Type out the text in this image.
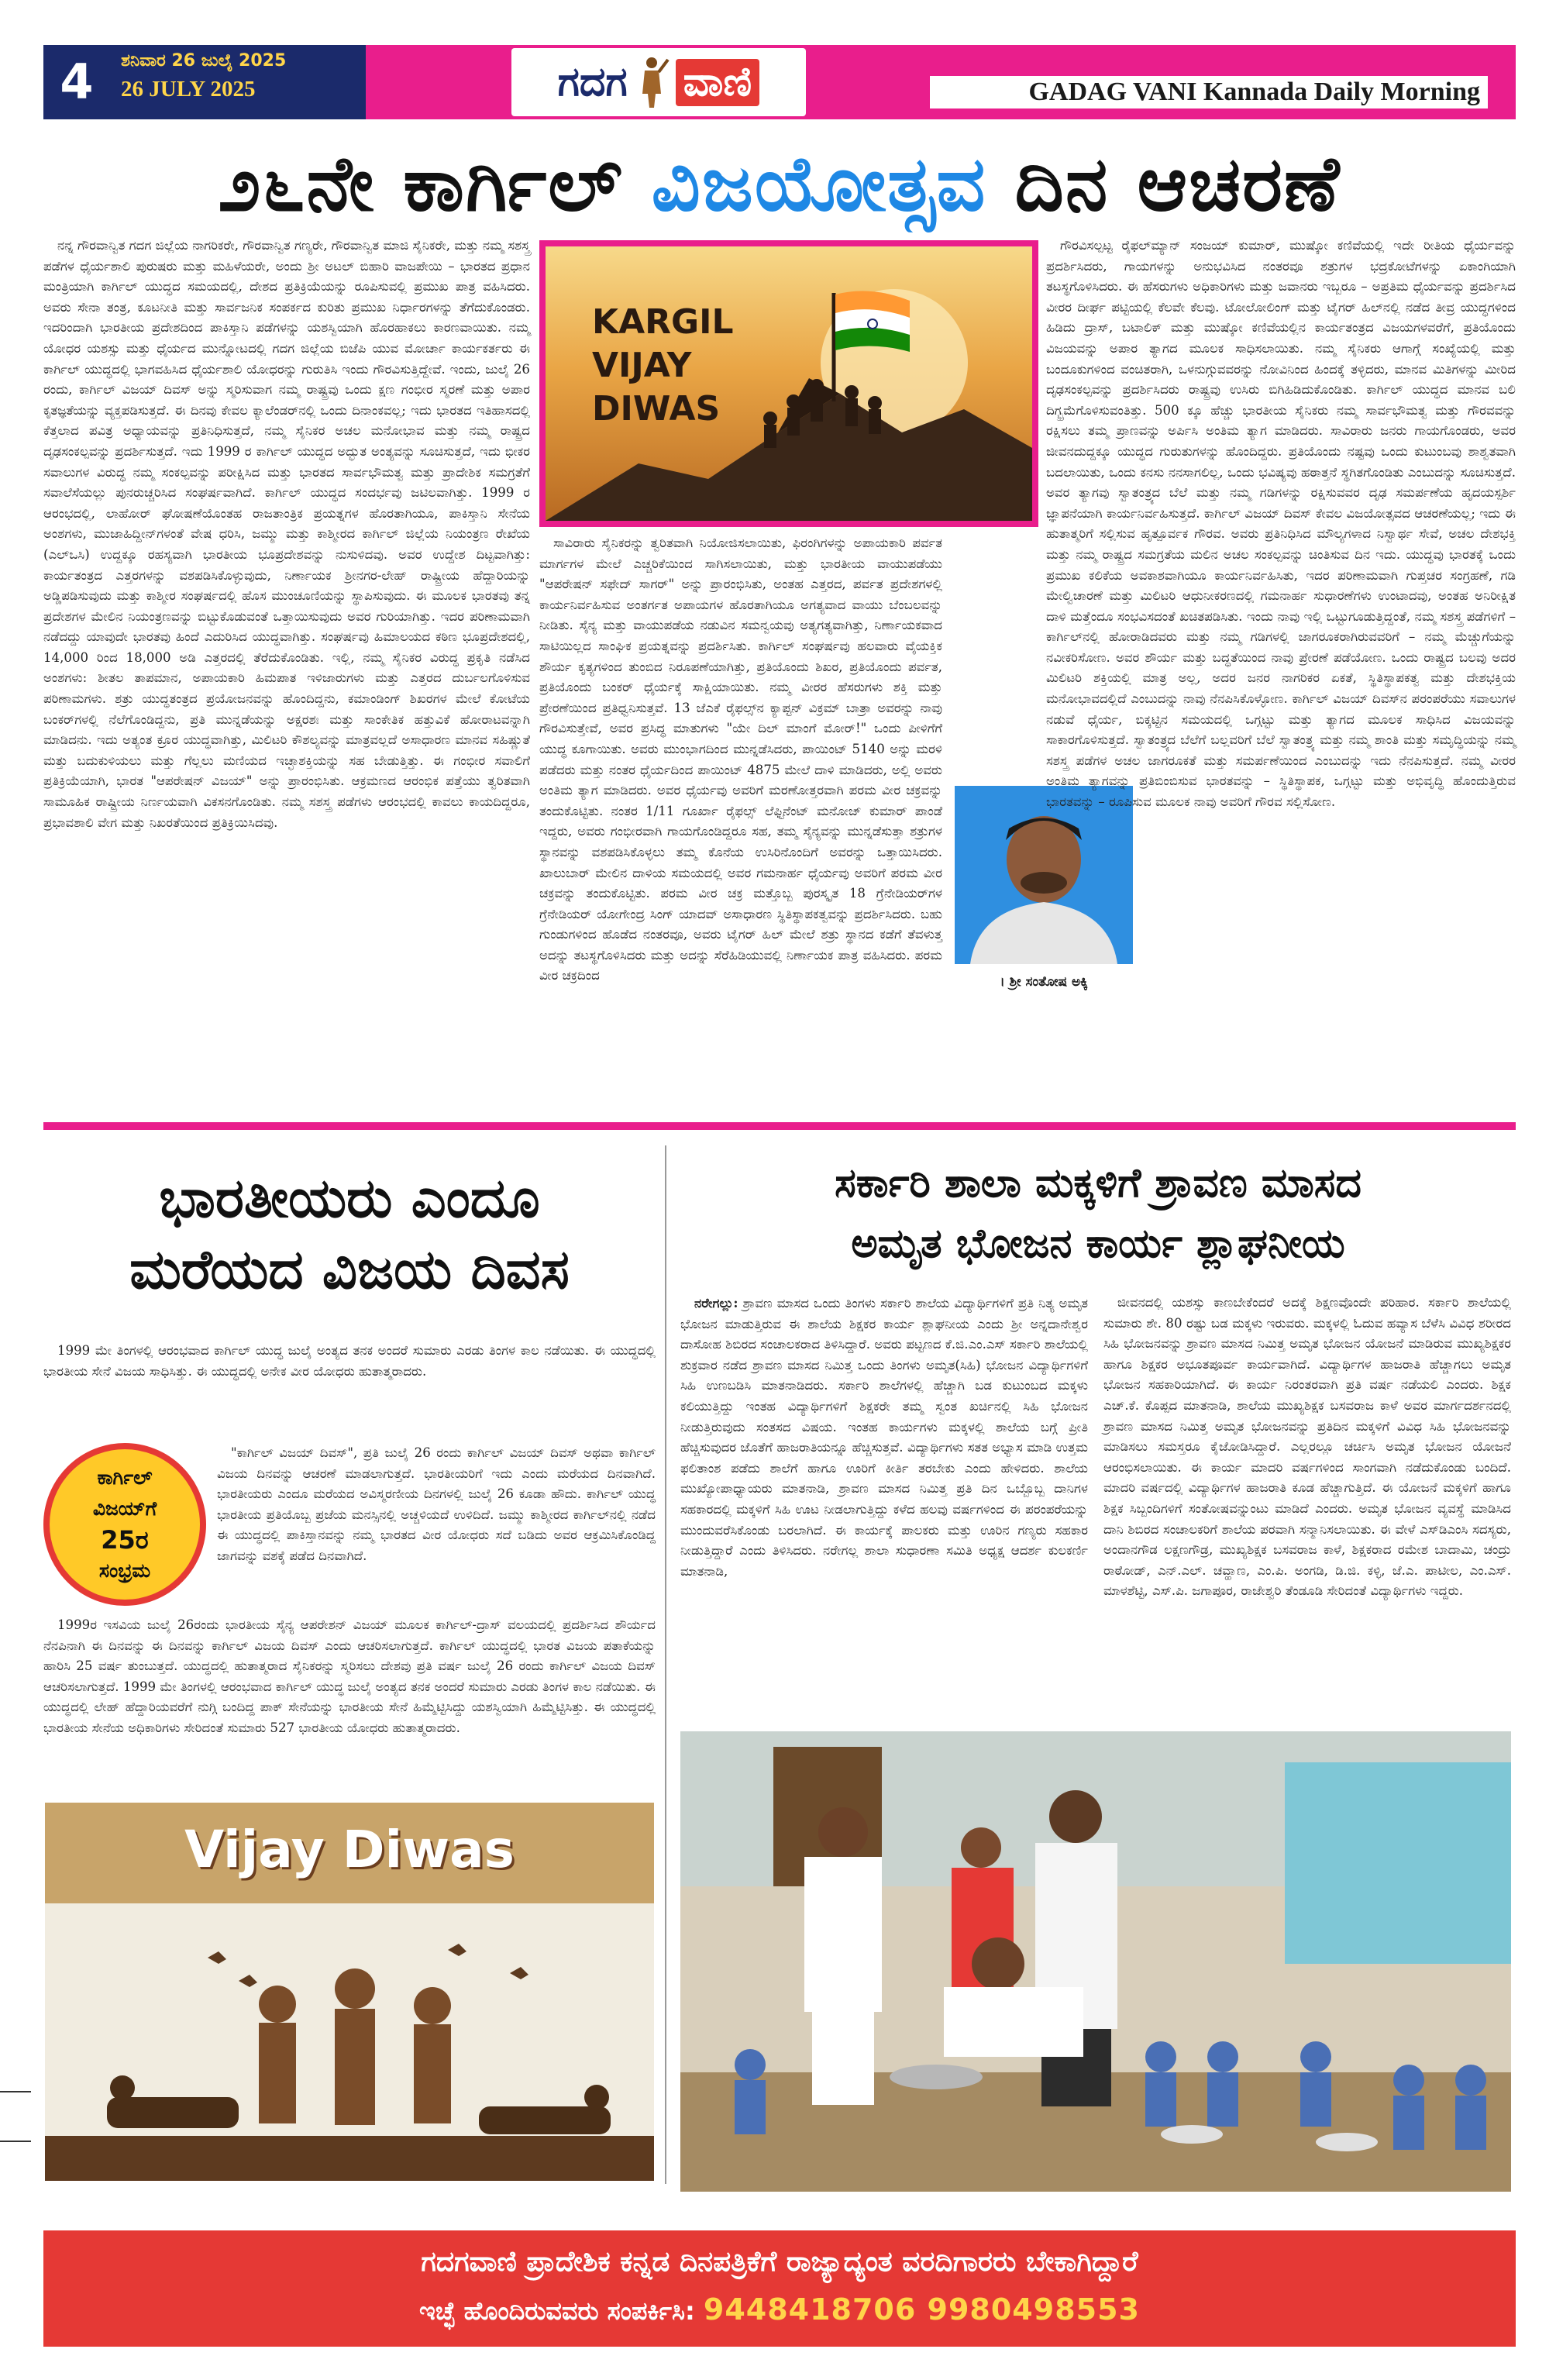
4	ಶನಿವಾರ 26 ಜುಲೈ 2025
26 JULY 2025	ಗದಗ ವಾಣಿ	GADAG VANI Kannada Daily Morning
೨೬ನೇ ಕಾರ್ಗಿಲ್ ವಿಜಯೋತ್ಸವ ದಿನ ಆಚರಣೆ

ನನ್ನ ಗೌರವಾನ್ವಿತ ಗದಗ ಜಿಲ್ಲೆಯ ನಾಗರಿಕರೇ, ಗೌರವಾನ್ವಿತ ಗಣ್ಯರೇ, ಗೌರವಾನ್ವಿತ ಮಾಜಿ ಸೈನಿಕರೇ, ಮತ್ತು ನಮ್ಮ ಸಶಸ್ತ್ರ ಪಡೆಗಳ ಧೈರ್ಯಶಾಲಿ ಪುರುಷರು ಮತ್ತು ಮಹಿಳೆಯರೇ, ಅಂದು ಶ್ರೀ ಅಟಲ್ ಬಿಹಾರಿ ವಾಜಪೇಯಿ – ಭಾರತದ ಪ್ರಧಾನ ಮಂತ್ರಿಯಾಗಿ ಕಾರ್ಗಿಲ್ ಯುದ್ಧದ ಸಮಯದಲ್ಲಿ, ದೇಶದ ಪ್ರತಿಕ್ರಿಯೆಯನ್ನು ರೂಪಿಸುವಲ್ಲಿ ಪ್ರಮುಖ ಪಾತ್ರ ವಹಿಸಿದರು. ಅವರು ಸೇನಾ ತಂತ್ರ, ಕೂಟನೀತಿ ಮತ್ತು ಸಾರ್ವಜನಿಕ ಸಂಪರ್ಕದ ಕುರಿತು ಪ್ರಮುಖ ನಿರ್ಧಾರಗಳನ್ನು ತೆಗೆದುಕೊಂಡರು. ಇದರಿಂದಾಗಿ ಭಾರತೀಯ ಪ್ರದೇಶದಿಂದ ಪಾಕಿಸ್ತಾನಿ ಪಡೆಗಳನ್ನು ಯಶಸ್ವಿಯಾಗಿ ಹೊರಹಾಕಲು ಕಾರಣವಾಯಿತು. ನಮ್ಮ ಯೋಧರ ಯಶಸ್ಸು ಮತ್ತು ಧೈರ್ಯದ ಮುನ್ನೋಟದಲ್ಲಿ ಗದಗ ಜಿಲ್ಲೆಯ ಬಿಜೆಪಿ ಯುವ ಮೋರ್ಚಾ ಕಾರ್ಯಕರ್ತರು ಈ ಕಾರ್ಗಿಲ್ ಯುದ್ಧದಲ್ಲಿ ಭಾಗವಹಿಸಿದ ಧೈರ್ಯಶಾಲಿ ಯೋಧರನ್ನು ಗುರುತಿಸಿ ಇಂದು ಗೌರವಿಸುತ್ತಿದ್ದೇವೆ. ಇಂದು, ಜುಲೈ 26 ರಂದು, ಕಾರ್ಗಿಲ್ ವಿಜಯ್ ದಿವಸ್ ಅನ್ನು ಸ್ಮರಿಸುವಾಗ ನಮ್ಮ ರಾಷ್ಟ್ರವು ಒಂದು ಕ್ಷಣ ಗಂಭೀರ ಸ್ಮರಣೆ ಮತ್ತು ಅಪಾರ ಕೃತಜ್ಞತೆಯನ್ನು ವ್ಯಕ್ತಪಡಿಸುತ್ತದೆ. ಈ ದಿನವು ಕೇವಲ ಕ್ಯಾಲೆಂಡರ್‌ನಲ್ಲಿ ಒಂದು ದಿನಾಂಕವಲ್ಲ; ಇದು ಭಾರತದ ಇತಿಹಾಸದಲ್ಲಿ ಕೆತ್ತಲಾದ ಪವಿತ್ರ ಅಧ್ಯಾಯವನ್ನು ಪ್ರತಿನಿಧಿಸುತ್ತದೆ, ನಮ್ಮ ಸೈನಿಕರ ಅಚಲ ಮನೋಭಾವ ಮತ್ತು ನಮ್ಮ ರಾಷ್ಟ್ರದ ದೃಢಸಂಕಲ್ಪವನ್ನು ಪ್ರದರ್ಶಿಸುತ್ತದೆ. ಇದು 1999 ರ ಕಾರ್ಗಿಲ್ ಯುದ್ಧದ ಅದ್ಭುತ ಅಂತ್ಯವನ್ನು ಸೂಚಿಸುತ್ತದೆ, ಇದು ಭೀಕರ ಸವಾಲುಗಳ ವಿರುದ್ಧ ನಮ್ಮ ಸಂಕಲ್ಪವನ್ನು ಪರೀಕ್ಷಿಸಿದ ಮತ್ತು ಭಾರತದ ಸಾರ್ವಭೌಮತ್ವ ಮತ್ತು ಪ್ರಾದೇಶಿಕ ಸಮಗ್ರತೆಗೆ ಸವಾಲೆಸೆಯಲ್ಲು ಪುನರುಚ್ಚರಿಸಿದ ಸಂಘರ್ಷವಾಗಿದೆ. ಕಾರ್ಗಿಲ್ ಯುದ್ಧದ ಸಂದರ್ಭವು ಜಟಿಲವಾಗಿತ್ತು. 1999 ರ ಆರಂಭದಲ್ಲಿ, ಲಾಹೋರ್ ಘೋಷಣೆಯೊಂತಹ ರಾಜತಾಂತ್ರಿಕ ಪ್ರಯತ್ನಗಳ ಹೊರತಾಗಿಯೂ, ಪಾಕಿಸ್ತಾನಿ ಸೇನೆಯ ಅಂಶಗಳು, ಮುಜಾಹಿದ್ದೀನ್‌ಗಳಂತೆ ವೇಷ ಧರಿಸಿ, ಜಮ್ಮು ಮತ್ತು ಕಾಶ್ಮೀರದ ಕಾರ್ಗಿಲ್ ಜಿಲ್ಲೆಯ ನಿಯಂತ್ರಣ ರೇಖೆಯ (ಎಲ್‌ಒಸಿ) ಉದ್ದಕ್ಕೂ ರಹಸ್ಯವಾಗಿ ಭಾರತೀಯ ಭೂಪ್ರದೇಶವನ್ನು ನುಸುಳಿದವು. ಅವರ ಉದ್ದೇಶ ದಿಟ್ಟವಾಗಿತ್ತು: ಕಾರ್ಯತಂತ್ರದ ಎತ್ತರಗಳನ್ನು ವಶಪಡಿಸಿಕೊಳ್ಳುವುದು, ನಿರ್ಣಾಯಕ ಶ್ರೀನಗರ-ಲೇಹ್ ರಾಷ್ಟ್ರೀಯ ಹೆದ್ದಾರಿಯನ್ನು ಅಡ್ಡಿಪಡಿಸುವುದು ಮತ್ತು ಕಾಶ್ಮೀರ ಸಂಘರ್ಷದಲ್ಲಿ ಹೊಸ ಮುಂಚೂಣಿಯನ್ನು ಸ್ಥಾಪಿಸುವುದು. ಈ ಮೂಲಕ ಭಾರತವು ತನ್ನ ಪ್ರದೇಶಗಳ ಮೇಲಿನ ನಿಯಂತ್ರಣವನ್ನು ಬಿಟ್ಟುಕೊಡುವಂತೆ ಒತ್ತಾಯಿಸುವುದು ಅವರ ಗುರಿಯಾಗಿತ್ತು. ಇದರ ಪರಿಣಾಮವಾಗಿ ನಡೆದದ್ದು ಯಾವುದೇ ಭಾರತವು ಹಿಂದೆ ಎದುರಿಸಿದ ಯುದ್ಧವಾಗಿತ್ತು. ಸಂಘರ್ಷವು ಹಿಮಾಲಯದ ಕಠಿಣ ಭೂಪ್ರದೇಶದಲ್ಲಿ, 14,000 ರಿಂದ 18,000 ಅಡಿ ಎತ್ತರದಲ್ಲಿ ತೆರೆದುಕೊಂಡಿತು. ಇಲ್ಲಿ, ನಮ್ಮ ಸೈನಿಕರ ವಿರುದ್ಧ ಪ್ರಕೃತಿ ನಡೆಸಿದ ಅಂಶಗಳು: ಶೀತಲ ತಾಪಮಾನ, ಅಪಾಯಕಾರಿ ಹಿಮಪಾತ ಇಳಿಜಾರುಗಳು ಮತ್ತು ಎತ್ತರದ ದುರ್ಬಲಗೊಳಿಸುವ ಪರಿಣಾಮಗಳು. ಶತ್ರು ಯುದ್ಧತಂತ್ರದ ಪ್ರಯೋಜನವನ್ನು ಹೊಂದಿದ್ದನು, ಕಮಾಂಡಿಂಗ್ ಶಿಖರಗಳ ಮೇಲೆ ಕೋಟೆಯ ಬಂಕರ್‌ಗಳಲ್ಲಿ ನೆಲೆಗೊಂಡಿದ್ದನು, ಪ್ರತಿ ಮುನ್ನಡೆಯನ್ನು ಅಕ್ಷರಶಃ ಮತ್ತು ಸಾಂಕೇತಿಕ ಹತ್ತುವಿಕೆ ಹೋರಾಟವನ್ನಾಗಿ ಮಾಡಿದನು. ಇದು ಅತ್ಯಂತ ಕ್ರೂರ ಯುದ್ಧವಾಗಿತ್ತು, ಮಿಲಿಟರಿ ಕೌಶಲ್ಯವನ್ನು ಮಾತ್ರವಲ್ಲದೆ ಅಸಾಧಾರಣ ಮಾನವ ಸಹಿಷ್ಣುತೆ ಮತ್ತು ಬದುಕುಳಿಯಲು ಮತ್ತು ಗೆಲ್ಲಲು ಮಣಿಯದ ಇಚ್ಛಾಶಕ್ತಿಯನ್ನು ಸಹ ಬೇಡುತ್ತಿತ್ತು. ಈ ಗಂಭೀರ ಸವಾಲಿಗೆ ಪ್ರತಿಕ್ರಿಯೆಯಾಗಿ, ಭಾರತ "ಆಪರೇಷನ್ ವಿಜಯ್" ಅನ್ನು ಪ್ರಾರಂಭಿಸಿತು. ಆಕ್ರಮಣದ ಆರಂಭಿಕ ಪತ್ತೆಯು ತ್ವರಿತವಾಗಿ ಸಾಮೂಹಿಕ ರಾಷ್ಟ್ರೀಯ ನಿರ್ಣಯವಾಗಿ ವಿಕಸನಗೊಂಡಿತು. ನಮ್ಮ ಸಶಸ್ತ್ರ ಪಡೆಗಳು ಆರಂಭದಲ್ಲಿ ಕಾವಲು ಕಾಯದಿದ್ದರೂ, ಪ್ರಭಾವಶಾಲಿ ವೇಗ ಮತ್ತು ನಿಖರತೆಯಿಂದ ಪ್ರತಿಕ್ರಿಯಿಸಿದವು.

KARGIL
VIJAY
DIWAS

ಸಾವಿರಾರು ಸೈನಿಕರನ್ನು ತ್ವರಿತವಾಗಿ ನಿಯೋಜಿಸಲಾಯಿತು, ಫಿರಂಗಿಗಳನ್ನು ಅಪಾಯಕಾರಿ ಪರ್ವತ ಮಾರ್ಗಗಳ ಮೇಲೆ ಎಚ್ಚರಿಕೆಯಿಂದ ಸಾಗಿಸಲಾಯಿತು, ಮತ್ತು ಭಾರತೀಯ ವಾಯುಪಡೆಯು "ಆಪರೇಷನ್ ಸಫೇದ್ ಸಾಗರ್" ಅನ್ನು ಪ್ರಾರಂಭಿಸಿತು, ಅಂತಹ ಎತ್ತರದ, ಪರ್ವತ ಪ್ರದೇಶಗಳಲ್ಲಿ ಕಾರ್ಯನಿರ್ವಹಿಸುವ ಅಂತರ್ಗತ ಅಪಾಯಗಳ ಹೊರತಾಗಿಯೂ ಅಗತ್ಯವಾದ ವಾಯು ಬೆಂಬಲವನ್ನು ನೀಡಿತು. ಸೈನ್ಯ ಮತ್ತು ವಾಯುಪಡೆಯ ನಡುವಿನ ಸಮನ್ವಯವು ಅತ್ಯಗತ್ಯವಾಗಿತ್ತು, ನಿರ್ಣಾಯಕವಾದ ಸಾಟಿಯಿಲ್ಲದ ಸಾಂಘಿಕ ಪ್ರಯತ್ನವನ್ನು ಪ್ರದರ್ಶಿಸಿತು. ಕಾರ್ಗಿಲ್ ಸಂಘರ್ಷವು ಹಲವಾರು ವೈಯಕ್ತಿಕ ಶೌರ್ಯ ಕೃತ್ಯಗಳಿಂದ ತುಂಬಿದ ನಿರೂಪಣೆಯಾಗಿತ್ತು, ಪ್ರತಿಯೊಂದು ಶಿಖರ, ಪ್ರತಿಯೊಂದು ಪರ್ವತ, ಪ್ರತಿಯೊಂದು ಬಂಕರ್ ಧೈರ್ಯಕ್ಕೆ ಸಾಕ್ಷಿಯಾಯಿತು. ನಮ್ಮ ವೀರರ ಹೆಸರುಗಳು ಶಕ್ತಿ ಮತ್ತು ಪ್ರೇರಣೆಯಿಂದ ಪ್ರತಿಧ್ವನಿಸುತ್ತವೆ. 13 ಜೆಎಕೆ ರೈಫಲ್ಸ್‌ನ ಕ್ಯಾಪ್ಟನ್ ವಿಕ್ರಮ್ ಬಾತ್ರಾ ಅವರನ್ನು ನಾವು ಗೌರವಿಸುತ್ತೇವೆ, ಅವರ ಪ್ರಸಿದ್ಧ ಮಾತುಗಳು "ಯೇ ದಿಲ್ ಮಾಂಗೆ ಮೋರ್!" ಒಂದು ಪೀಳಿಗೆಗೆ ಯುದ್ಧ ಕೂಗಾಯಿತು. ಅವರು ಮುಂಭಾಗದಿಂದ ಮುನ್ನಡೆಸಿದರು, ಪಾಯಿಂಟ್ 5140 ಅನ್ನು ಮರಳಿ ಪಡೆದರು ಮತ್ತು ನಂತರ ಧೈರ್ಯದಿಂದ ಪಾಯಿಂಟ್ 4875 ಮೇಲೆ ದಾಳಿ ಮಾಡಿದರು, ಅಲ್ಲಿ ಅವರು ಅಂತಿಮ ತ್ಯಾಗ ಮಾಡಿದರು. ಅವರ ಧೈರ್ಯವು ಅವರಿಗೆ ಮರಣೋತ್ತರವಾಗಿ ಪರಮ ವೀರ ಚಕ್ರವನ್ನು ತಂದುಕೊಟ್ಟಿತು. ನಂತರ 1/11 ಗೂರ್ಖಾ ರೈಫಲ್ಸ್ ಲೆಫ್ಟಿನೆಂಟ್ ಮನೋಜ್ ಕುಮಾರ್ ಪಾಂಡೆ ಇದ್ದರು, ಅವರು ಗಂಭೀರವಾಗಿ ಗಾಯಗೊಂಡಿದ್ದರೂ ಸಹ, ತಮ್ಮ ಸೈನ್ಯವನ್ನು ಮುನ್ನಡೆಸುತ್ತಾ ಶತ್ರುಗಳ ಸ್ಥಾನವನ್ನು ವಶಪಡಿಸಿಕೊಳ್ಳಲು ತಮ್ಮ ಕೊನೆಯ ಉಸಿರಿನೊಂದಿಗೆ ಅವರನ್ನು ಒತ್ತಾಯಿಸಿದರು. ಖಾಲುಬಾರ್ ಮೇಲಿನ ದಾಳಿಯ ಸಮಯದಲ್ಲಿ ಅವರ ಗಮನಾರ್ಹ ಧೈರ್ಯವು ಅವರಿಗೆ ಪರಮ ವೀರ ಚಕ್ರವನ್ನು ತಂದುಕೊಟ್ಟಿತು. ಪರಮ ವೀರ ಚಕ್ರ ಮತ್ತೊಬ್ಬ ಪುರಸ್ಕೃತ 18 ಗ್ರೆನೇಡಿಯರ್‌ಗಳ ಗ್ರೆನೇಡಿಯರ್ ಯೋಗೇಂದ್ರ ಸಿಂಗ್ ಯಾದವ್ ಅಸಾಧಾರಣ ಸ್ಥಿತಿಸ್ಥಾಪಕತ್ವವನ್ನು ಪ್ರದರ್ಶಿಸಿದರು. ಬಹು ಗುಂಡುಗಳಿಂದ ಹೊಡೆದ ನಂತರವೂ, ಅವರು ಟೈಗರ್ ಹಿಲ್ ಮೇಲೆ ಶತ್ರು ಸ್ಥಾನದ ಕಡೆಗೆ ತೆವಳುತ್ತ ಅದನ್ನು ತಟಸ್ಥಗೊಳಿಸಿದರು ಮತ್ತು ಅದನ್ನು ಸೆರೆಹಿಡಿಯುವಲ್ಲಿ ನಿರ್ಣಾಯಕ ಪಾತ್ರ ವಹಿಸಿದರು. ಪರಮ ವೀರ ಚಕ್ರದಿಂದ	। ಶ್ರೀ ಸಂತೋಷ ಅಕ್ಕಿ

ಗೌರವಿಸಲ್ಪಟ್ಟ ರೈಫಲ್‌ಮ್ಯಾನ್ ಸಂಜಯ್ ಕುಮಾರ್, ಮುಷ್ಕೋ ಕಣಿವೆಯಲ್ಲಿ ಇದೇ ರೀತಿಯ ಧೈರ್ಯವನ್ನು ಪ್ರದರ್ಶಿಸಿದರು, ಗಾಯಗಳನ್ನು ಅನುಭವಿಸಿದ ನಂತರವೂ ಶತ್ರುಗಳ ಭದ್ರಕೋಟೆಗಳನ್ನು ಏಕಾಂಗಿಯಾಗಿ ತಟಸ್ಥಗೊಳಿಸಿದರು. ಈ ಹೆಸರುಗಳು ಅಧಿಕಾರಿಗಳು ಮತ್ತು ಜವಾನರು ಇಬ್ಬರೂ – ಅಪ್ರತಿಮ ಧೈರ್ಯವನ್ನು ಪ್ರದರ್ಶಿಸಿದ ವೀರರ ದೀರ್ಘ ಪಟ್ಟಿಯಲ್ಲಿ ಕೆಲವೇ ಕೆಲವು. ಟೋಲೋಲಿಂಗ್ ಮತ್ತು ಟೈಗರ್ ಹಿಲ್‌ನಲ್ಲಿ ನಡೆದ ತೀವ್ರ ಯುದ್ಧಗಳಿಂದ ಹಿಡಿದು ದ್ರಾಸ್, ಬಟಾಲಿಕ್ ಮತ್ತು ಮುಷ್ಕೋ ಕಣಿವೆಯಲ್ಲಿನ ಕಾರ್ಯತಂತ್ರದ ವಿಜಯಗಳವರೆಗೆ, ಪ್ರತಿಯೊಂದು ವಿಜಯವನ್ನು ಅಪಾರ ತ್ಯಾಗದ ಮೂಲಕ ಸಾಧಿಸಲಾಯಿತು. ನಮ್ಮ ಸೈನಿಕರು ಆಗಾಗ್ಗೆ ಸಂಖ್ಯೆಯಲ್ಲಿ ಮತ್ತು ಬಂದೂಕುಗಳಿಂದ ವಂಚಿತರಾಗಿ, ಒಳನುಗ್ಗುವವರನ್ನು ನೋವಿನಿಂದ ಹಿಂದಕ್ಕೆ ತಳ್ಳಿದರು, ಮಾನವ ಮಿತಿಗಳನ್ನು ಮೀರಿದ ದೃಢಸಂಕಲ್ಪವನ್ನು ಪ್ರದರ್ಶಿಸಿದರು ರಾಷ್ಟ್ರವು ಉಸಿರು ಬಿಗಿಹಿಡಿದುಕೊಂಡಿತು. ಕಾರ್ಗಿಲ್ ಯುದ್ಧದ ಮಾನವ ಬಲಿ ದಿಗ್ಭ್ರಮೆಗೊಳಿಸುವಂತಿತ್ತು. 500 ಕ್ಕೂ ಹೆಚ್ಚು ಭಾರತೀಯ ಸೈನಿಕರು ನಮ್ಮ ಸಾರ್ವಭೌಮತ್ವ ಮತ್ತು ಗೌರವವನ್ನು ರಕ್ಷಿಸಲು ತಮ್ಮ ಪ್ರಾಣವನ್ನು ಅರ್ಪಿಸಿ ಅಂತಿಮ ತ್ಯಾಗ ಮಾಡಿದರು. ಸಾವಿರಾರು ಜನರು ಗಾಯಗೊಂಡರು, ಅವರ ಜೀವನದುದ್ದಕ್ಕೂ ಯುದ್ಧದ ಗುರುತುಗಳನ್ನು ಹೊಂದಿದ್ದರು. ಪ್ರತಿಯೊಂದು ನಷ್ಟವು ಒಂದು ಕುಟುಂಬವು ಶಾಶ್ವತವಾಗಿ ಬದಲಾಯಿತು, ಒಂದು ಕನಸು ನನಸಾಗಲಿಲ್ಲ, ಒಂದು ಭವಿಷ್ಯವು ಹಠಾತ್ತನೆ ಸ್ಥಗಿತಗೊಂಡಿತು ಎಂಬುದನ್ನು ಸೂಚಿಸುತ್ತದೆ. ಅವರ ತ್ಯಾಗವು ಸ್ವಾತಂತ್ರ್ಯದ ಬೆಲೆ ಮತ್ತು ನಮ್ಮ ಗಡಿಗಳನ್ನು ರಕ್ಷಿಸುವವರ ದೃಢ ಸಮರ್ಪಣೆಯ ಹೃದಯಸ್ಪರ್ಶಿ ಜ್ಞಾಪನೆಯಾಗಿ ಕಾರ್ಯನಿರ್ವಹಿಸುತ್ತದೆ. ಕಾರ್ಗಿಲ್ ವಿಜಯ್ ದಿವಸ್ ಕೇವಲ ವಿಜಯೋತ್ಸವದ ಆಚರಣೆಯಲ್ಲ; ಇದು ಈ ಹುತಾತ್ಮರಿಗೆ ಸಲ್ಲಿಸುವ ಹೃತ್ಪೂರ್ವಕ ಗೌರವ. ಅವರು ಪ್ರತಿನಿಧಿಸಿದ ಮೌಲ್ಯಗಳಾದ ನಿಸ್ವಾರ್ಥ ಸೇವೆ, ಅಚಲ ದೇಶಭಕ್ತಿ ಮತ್ತು ನಮ್ಮ ರಾಷ್ಟ್ರದ ಸಮಗ್ರತೆಯ ಮಲಿನ ಅಚಲ ಸಂಕಲ್ಪವನ್ನು ಚಿಂತಿಸುವ ದಿನ ಇದು. ಯುದ್ಧವು ಭಾರತಕ್ಕೆ ಒಂದು ಪ್ರಮುಖ ಕಲಿಕೆಯ ಅವಕಾಶವಾಗಿಯೂ ಕಾರ್ಯನಿರ್ವಹಿಸಿತು, ಇದರ ಪರಿಣಾಮವಾಗಿ ಗುಪ್ತಚರ ಸಂಗ್ರಹಣೆ, ಗಡಿ ಮೇಲ್ವಿಚಾರಣೆ ಮತ್ತು ಮಿಲಿಟರಿ ಆಧುನೀಕರಣದಲ್ಲಿ ಗಮನಾರ್ಹ ಸುಧಾರಣೆಗಳು ಉಂಟಾದವು, ಅಂತಹ ಅನಿರೀಕ್ಷಿತ ದಾಳಿ ಮತ್ತೆಂದೂ ಸಂಭವಿಸದಂತೆ ಖಚಿತಪಡಿಸಿತು. ಇಂದು ನಾವು ಇಲ್ಲಿ ಒಟ್ಟುಗೂಡುತ್ತಿದ್ದಂತೆ, ನಮ್ಮ ಸಶಸ್ತ್ರ ಪಡೆಗಳಿಗೆ – ಕಾರ್ಗಿಲ್‌ನಲ್ಲಿ ಹೋರಾಡಿದವರು ಮತ್ತು ನಮ್ಮ ಗಡಿಗಳಲ್ಲಿ ಜಾಗರೂಕರಾಗಿರುವವರಿಗೆ – ನಮ್ಮ ಮೆಚ್ಚುಗೆಯನ್ನು ನವೀಕರಿಸೋಣ. ಅವರ ಶೌರ್ಯ ಮತ್ತು ಬದ್ಧತೆಯಿಂದ ನಾವು ಪ್ರೇರಣೆ ಪಡೆಯೋಣ. ಒಂದು ರಾಷ್ಟ್ರದ ಬಲವು ಅದರ ಮಿಲಿಟರಿ ಶಕ್ತಿಯಲ್ಲಿ ಮಾತ್ರ ಅಲ್ಲ, ಅದರ ಜನರ ನಾಗರಿಕರ ಏಕತೆ, ಸ್ಥಿತಿಸ್ಥಾಪಕತ್ವ ಮತ್ತು ದೇಶಭಕ್ತಿಯ ಮನೋಭಾವದಲ್ಲಿದೆ ಎಂಬುದನ್ನು ನಾವು ನೆನಪಿಸಿಕೊಳ್ಳೋಣ. ಕಾರ್ಗಿಲ್ ವಿಜಯ್ ದಿವಸ್‌ನ ಪರಂಪರೆಯು ಸವಾಲುಗಳ ನಡುವೆ ಧೈರ್ಯ, ಬಿಕ್ಕಟ್ಟಿನ ಸಮಯದಲ್ಲಿ ಒಗ್ಗಟ್ಟು ಮತ್ತು ತ್ಯಾಗದ ಮೂಲಕ ಸಾಧಿಸಿದ ವಿಜಯವನ್ನು ಸಾಕಾರಗೊಳಿಸುತ್ತದೆ. ಸ್ವಾತಂತ್ರ್ಯದ ಬೆಲೆಗೆ ಬಲ್ಲವರಿಗೆ ಬೆಲೆ ಸ್ವಾತಂತ್ರ್ಯ ಮತ್ತು ನಮ್ಮ ಶಾಂತಿ ಮತ್ತು ಸಮೃದ್ಧಿಯನ್ನು ನಮ್ಮ ಸಶಸ್ತ್ರ ಪಡೆಗಳ ಅಚಲ ಜಾಗರೂಕತೆ ಮತ್ತು ಸಮರ್ಪಣೆಯಿಂದ ಎಂಬುದನ್ನು ಇದು ನೆನಪಿಸುತ್ತದೆ. ನಮ್ಮ ವೀರರ ಅಂತಿಮ ತ್ಯಾಗವನ್ನು ಪ್ರತಿಬಿಂಬಿಸುವ ಭಾರತವನ್ನು – ಸ್ಥಿತಿಸ್ಥಾಪಕ, ಒಗ್ಗಟ್ಟು ಮತ್ತು ಅಭಿವೃದ್ಧಿ ಹೊಂದುತ್ತಿರುವ ಭಾರತವನ್ನು – ರೂಪಿಸುವ ಮೂಲಕ ನಾವು ಅವರಿಗೆ ಗೌರವ ಸಲ್ಲಿಸೋಣ.

ಭಾರತೀಯರು ಎಂದೂ
ಮರೆಯದ ವಿಜಯ ದಿವಸ

1999 ಮೇ ತಿಂಗಳಲ್ಲಿ ಆರಂಭವಾದ ಕಾರ್ಗಿಲ್ ಯುದ್ಧ ಜುಲೈ ಅಂತ್ಯದ ತನಕ ಅಂದರೆ ಸುಮಾರು ಎರಡು ತಿಂಗಳ ಕಾಲ ನಡೆಯಿತು. ಈ ಯುದ್ಧದಲ್ಲಿ ಭಾರತೀಯ ಸೇನೆ ವಿಜಯ ಸಾಧಿಸಿತ್ತು. ಈ ಯುದ್ಧದಲ್ಲಿ ಅನೇಕ ವೀರ ಯೋಧರು ಹುತಾತ್ಮರಾದರು.

ಕಾರ್ಗಿಲ್
ವಿಜಯ್‌ಗೆ
25ರ
ಸಂಭ್ರಮ

"ಕಾರ್ಗಿಲ್ ವಿಜಯ್ ದಿವಸ್", ಪ್ರತಿ ಜುಲೈ 26 ರಂದು ಕಾರ್ಗಿಲ್ ವಿಜಯ್ ದಿವಸ್ ಅಥವಾ ಕಾರ್ಗಿಲ್ ವಿಜಯ ದಿನವನ್ನು ಆಚರಣೆ ಮಾಡಲಾಗುತ್ತದೆ. ಭಾರತೀಯರಿಗೆ ಇದು ಎಂದು ಮರೆಯದ ದಿನವಾಗಿದೆ. ಭಾರತೀಯರು ಎಂದೂ ಮರೆಯದ ಅವಿಸ್ಮರಣೀಯ ದಿನಗಳಲ್ಲಿ ಜುಲೈ 26 ಕೂಡಾ ಹೌದು. ಕಾರ್ಗಿಲ್ ಯುದ್ಧ ಭಾರತೀಯ ಪ್ರತಿಯೊಬ್ಬ ಪ್ರಜೆಯ ಮನಸ್ಸಿನಲ್ಲಿ ಅಚ್ಚಳಿಯದೆ ಉಳಿದಿದೆ. ಜಮ್ಮು ಕಾಶ್ಮೀರದ ಕಾರ್ಗಿಲ್‌ನಲ್ಲಿ ನಡೆದ ಈ ಯುದ್ಧದಲ್ಲಿ ಪಾಕಿಸ್ತಾನವನ್ನು ನಮ್ಮ ಭಾರತದ ವೀರ ಯೋಧರು ಸದೆ ಬಡಿದು ಅವರ ಆಕ್ರಮಿಸಿಕೊಂಡಿದ್ದ ಜಾಗವನ್ನು ವಶಕ್ಕೆ ಪಡೆದ ದಿನವಾಗಿದೆ.

1999ರ ಇಸವಿಯ ಜುಲೈ 26ರಂದು ಭಾರತೀಯ ಸೈನ್ಯ ಆಪರೇಶನ್ ವಿಜಯ್ ಮೂಲಕ ಕಾರ್ಗಿಲ್-ದ್ರಾಸ್ ವಲಯದಲ್ಲಿ ಪ್ರದರ್ಶಿಸಿದ ಶೌರ್ಯದ ನೆನಪಿನಾಗಿ ಈ ದಿನವನ್ನು ಈ ದಿನವನ್ನು ಕಾರ್ಗಿಲ್ ವಿಜಯ ದಿವಸ್ ಎಂದು ಆಚರಿಸಲಾಗುತ್ತದೆ. ಕಾರ್ಗಿಲ್ ಯುದ್ಧದಲ್ಲಿ ಭಾರತ ವಿಜಯ ಪತಾಕೆಯನ್ನು ಹಾರಿಸಿ 25 ವರ್ಷ ತುಂಬುತ್ತದೆ. ಯುದ್ಧದಲ್ಲಿ ಹುತಾತ್ಮರಾದ ಸೈನಿಕರನ್ನು ಸ್ಮರಿಸಲು ದೇಶವು ಪ್ರತಿ ವರ್ಷ ಜುಲೈ 26 ರಂದು ಕಾರ್ಗಿಲ್ ವಿಜಯ ದಿವಸ್ ಆಚರಿಸಲಾಗುತ್ತದೆ. 1999 ಮೇ ತಿಂಗಳಲ್ಲಿ ಆರಂಭವಾದ ಕಾರ್ಗಿಲ್ ಯುದ್ಧ ಜುಲೈ ಅಂತ್ಯದ ತನಕ ಅಂದರೆ ಸುಮಾರು ಎರಡು ತಿಂಗಳ ಕಾಲ ನಡೆಯಿತು. ಈ ಯುದ್ಧದಲ್ಲಿ ಲೇಹ್ ಹೆದ್ದಾರಿಯವರೆಗೆ ನುಗ್ಗಿ ಬಂದಿದ್ದ ಪಾಕ್ ಸೇನೆಯನ್ನು ಭಾರತೀಯ ಸೇನೆ ಹಿಮ್ಮೆಟ್ಟಿಸಿದ್ದು ಯಶಸ್ವಿಯಾಗಿ ಹಿಮ್ಮೆಟ್ಟಿಸಿತ್ತು. ಈ ಯುದ್ಧದಲ್ಲಿ ಭಾರತೀಯ ಸೇನೆಯ ಅಧಿಕಾರಿಗಳು ಸೇರಿದಂತೆ ಸುಮಾರು 527 ಭಾರತೀಯ ಯೋಧರು ಹುತಾತ್ಮರಾದರು.

Vijay Diwas
ಸರ್ಕಾರಿ ಶಾಲಾ ಮಕ್ಕಳಿಗೆ ಶ್ರಾವಣ ಮಾಸದ
ಅಮೃತ ಭೋಜನ ಕಾರ್ಯ ಶ್ಲಾಘನೀಯ

ನರೇಗಲ್ಲು: ಶ್ರಾವಣ ಮಾಸದ ಒಂದು ತಿಂಗಳು ಸರ್ಕಾರಿ ಶಾಲೆಯ ವಿದ್ಯಾರ್ಥಿಗಳಿಗೆ ಪ್ರತಿ ನಿತ್ಯ ಅಮೃತ ಭೋಜನ ಮಾಡುತ್ತಿರುವ ಈ ಶಾಲೆಯ ಶಿಕ್ಷಕರ ಕಾರ್ಯ ಶ್ಲಾಘನೀಯ ಎಂದು ಶ್ರೀ ಅನ್ನದಾನೇಶ್ವರ ದಾಸೋಹ ಶಿಬಿರದ ಸಂಚಾಲಕರಾದ ತಿಳಿಸಿದ್ದಾರೆ. ಅವರು ಪಟ್ಟಣದ ಕೆ.ಜಿ.ಎಂ.ಎಸ್ ಸರ್ಕಾರಿ ಶಾಲೆಯಲ್ಲಿ ಶುಕ್ರವಾರ ನಡೆದ ಶ್ರಾವಣ ಮಾಸದ ನಿಮಿತ್ತ ಒಂದು ತಿಂಗಳು ಅಮೃತ(ಸಿಹಿ) ಭೋಜನ ವಿದ್ಯಾರ್ಥಿಗಳಿಗೆ ಸಿಹಿ ಉಣಬಡಿಸಿ ಮಾತನಾಡಿದರು. ಸರ್ಕಾರಿ ಶಾಲೆಗಳಲ್ಲಿ ಹೆಚ್ಚಾಗಿ ಬಡ ಕುಟುಂಬದ ಮಕ್ಕಳು ಕಲಿಯುತ್ತಿದ್ದು ಇಂತಹ ವಿದ್ಯಾರ್ಥಿಗಳಿಗೆ ಶಿಕ್ಷಕರೇ ತಮ್ಮ ಸ್ವಂತ ಖರ್ಚಿನಲ್ಲಿ ಸಿಹಿ ಭೋಜನ ನೀಡುತ್ತಿರುವುದು ಸಂತಸದ ವಿಷಯ. ಇಂತಹ ಕಾರ್ಯಗಳು ಮಕ್ಕಳಲ್ಲಿ ಶಾಲೆಯ ಬಗ್ಗೆ ಪ್ರೀತಿ ಹೆಚ್ಚಿಸುವುದರ ಜೊತೆಗೆ ಹಾಜರಾತಿಯನ್ನೂ ಹೆಚ್ಚಿಸುತ್ತವೆ. ವಿದ್ಯಾರ್ಥಿಗಳು ಸತತ ಅಭ್ಯಾಸ ಮಾಡಿ ಉತ್ತಮ ಫಲಿತಾಂಶ ಪಡೆದು ಶಾಲೆಗೆ ಹಾಗೂ ಊರಿಗೆ ಕೀರ್ತಿ ತರಬೇಕು ಎಂದು ಹೇಳಿದರು. ಶಾಲೆಯ ಮುಖ್ಯೋಪಾಧ್ಯಾಯರು ಮಾತನಾಡಿ, ಶ್ರಾವಣ ಮಾಸದ ನಿಮಿತ್ತ ಪ್ರತಿ ದಿನ ಒಬ್ಬೊಬ್ಬ ದಾನಿಗಳ ಸಹಕಾರದಲ್ಲಿ ಮಕ್ಕಳಿಗೆ ಸಿಹಿ ಊಟ ನೀಡಲಾಗುತ್ತಿದ್ದು ಕಳೆದ ಹಲವು ವರ್ಷಗಳಿಂದ ಈ ಪರಂಪರೆಯನ್ನು ಮುಂದುವರೆಸಿಕೊಂಡು ಬರಲಾಗಿದೆ. ಈ ಕಾರ್ಯಕ್ಕೆ ಪಾಲಕರು ಮತ್ತು ಊರಿನ ಗಣ್ಯರು ಸಹಕಾರ ನೀಡುತ್ತಿದ್ದಾರೆ ಎಂದು ತಿಳಿಸಿದರು. ನರೇಗಲ್ಲ ಶಾಲಾ ಸುಧಾರಣಾ ಸಮಿತಿ ಅಧ್ಯಕ್ಷ ಆದರ್ಶ ಕುಲಕರ್ಣಿ ಮಾತನಾಡಿ,

ಜೀವನದಲ್ಲಿ ಯಶಸ್ಸು ಕಾಣಬೇಕೆಂದರೆ ಅದಕ್ಕೆ ಶಿಕ್ಷಣವೊಂದೇ ಪರಿಹಾರ. ಸರ್ಕಾರಿ ಶಾಲೆಯಲ್ಲಿ ಸುಮಾರು ಶೇ. 80 ರಷ್ಟು ಬಡ ಮಕ್ಕಳು ಇರುವರು. ಮಕ್ಕಳಲ್ಲಿ ಓದುವ ಹವ್ಯಾಸ ಬೆಳೆಸಿ ವಿವಿಧ ಶರೀರದ ಸಿಹಿ ಭೋಜನವನ್ನು ಶ್ರಾವಣ ಮಾಸದ ನಿಮಿತ್ತ ಅಮೃತ ಭೋಜನ ಯೋಜನೆ ಮಾಡಿರುವ ಮುಖ್ಯಶಿಕ್ಷಕರ ಹಾಗೂ ಶಿಕ್ಷಕರ ಅಭೂತಪೂರ್ವ ಕಾರ್ಯವಾಗಿದೆ. ವಿದ್ಯಾರ್ಥಿಗಳ ಹಾಜರಾತಿ ಹೆಚ್ಚಾಗಲು ಅಮೃತ ಭೋಜನ ಸಹಕಾರಿಯಾಗಿದೆ. ಈ ಕಾರ್ಯ ನಿರಂತರವಾಗಿ ಪ್ರತಿ ವರ್ಷ ನಡೆಯಲಿ ಎಂದರು. ಶಿಕ್ಷಕ ಎಚ್.ಕೆ. ಕೊಪ್ಪದ ಮಾತನಾಡಿ, ಶಾಲೆಯ ಮುಖ್ಯಶಿಕ್ಷಕ ಬಸವರಾಜ ಕಾಳೆ ಅವರ ಮಾರ್ಗದರ್ಶನದಲ್ಲಿ ಶ್ರಾವಣ ಮಾಸದ ನಿಮಿತ್ತ ಅಮೃತ ಭೋಜನವನ್ನು ಪ್ರತಿದಿನ ಮಕ್ಕಳಿಗೆ ವಿವಿಧ ಸಿಹಿ ಭೋಜನವನ್ನು ಮಾಡಿಸಲು ಸಮಸ್ತರೂ ಕೈಜೋಡಿಸಿದ್ದಾರೆ. ಎಲ್ಲರಲ್ಲೂ ಚರ್ಚಿಸಿ ಅಮೃತ ಭೋಜನ ಯೋಜನೆ ಆರಂಭಿಸಲಾಯಿತು. ಈ ಕಾರ್ಯ ಮಾದರಿ ವರ್ಷಗಳಿಂದ ಸಾಂಗವಾಗಿ ನಡೆದುಕೊಂಡು ಬಂದಿದೆ. ಮಾದರಿ ವರ್ಷದಲ್ಲಿ ವಿದ್ಯಾರ್ಥಿಗಳ ಹಾಜರಾತಿ ಕೂಡ ಹೆಚ್ಚಾಗುತ್ತಿದೆ. ಈ ಯೋಜನೆ ಮಕ್ಕಳಿಗೆ ಹಾಗೂ ಶಿಕ್ಷಕ ಸಿಬ್ಬಂದಿಗಳಿಗೆ ಸಂತೋಷವನ್ನುಂಟು ಮಾಡಿದೆ ಎಂದರು. ಅಮೃತ ಭೋಜನ ವ್ಯವಸ್ಥೆ ಮಾಡಿಸಿದ ದಾನಿ ಶಿಬಿರದ ಸಂಚಾಲಕರಿಗೆ ಶಾಲೆಯ ಪರವಾಗಿ ಸನ್ಮಾನಿಸಲಾಯಿತು. ಈ ವೇಳೆ ಎಸ್‌ಡಿಎಂಸಿ ಸದಸ್ಯರು, ಅಂದಾನಗೌಡ ಲಕ್ಷಣಗೌಡ್ರ, ಮುಖ್ಯಶಿಕ್ಷಕ ಬಸವರಾಜ ಕಾಳೆ, ಶಿಕ್ಷಕರಾದ ರಮೇಶ ಬಾದಾಮಿ, ಚಂದ್ರು ರಾಠೋಡ್, ಎನ್.ಎಲ್. ಚವ್ಹಾಣ, ಎಂ.ಪಿ. ಅಂಗಡಿ, ಡಿ.ಜಿ. ಕಳ್ಳಿ, ಜೆ.ಎ. ಪಾಟೀಲ, ಎಂ.ಎಸ್. ಮಾಳಶೆಟ್ಟಿ, ಎಸ್.ಪಿ. ಜಗಾಪೂರ, ರಾಜೇಶ್ವರಿ ತೆಂಡೂಡಿ ಸೇರಿದಂತೆ ವಿದ್ಯಾರ್ಥಿಗಳು ಇದ್ದರು.

ಗದಗವಾಣಿ ಪ್ರಾದೇಶಿಕ ಕನ್ನಡ ದಿನಪತ್ರಿಕೆಗೆ ರಾಜ್ಯಾದ್ಯಂತ ವರದಿಗಾರರು ಬೇಕಾಗಿದ್ದಾರೆ
ಇಚ್ಛೆ ಹೊಂದಿರುವವರು ಸಂಪರ್ಕಿಸಿ: 9448418706 9980498553
